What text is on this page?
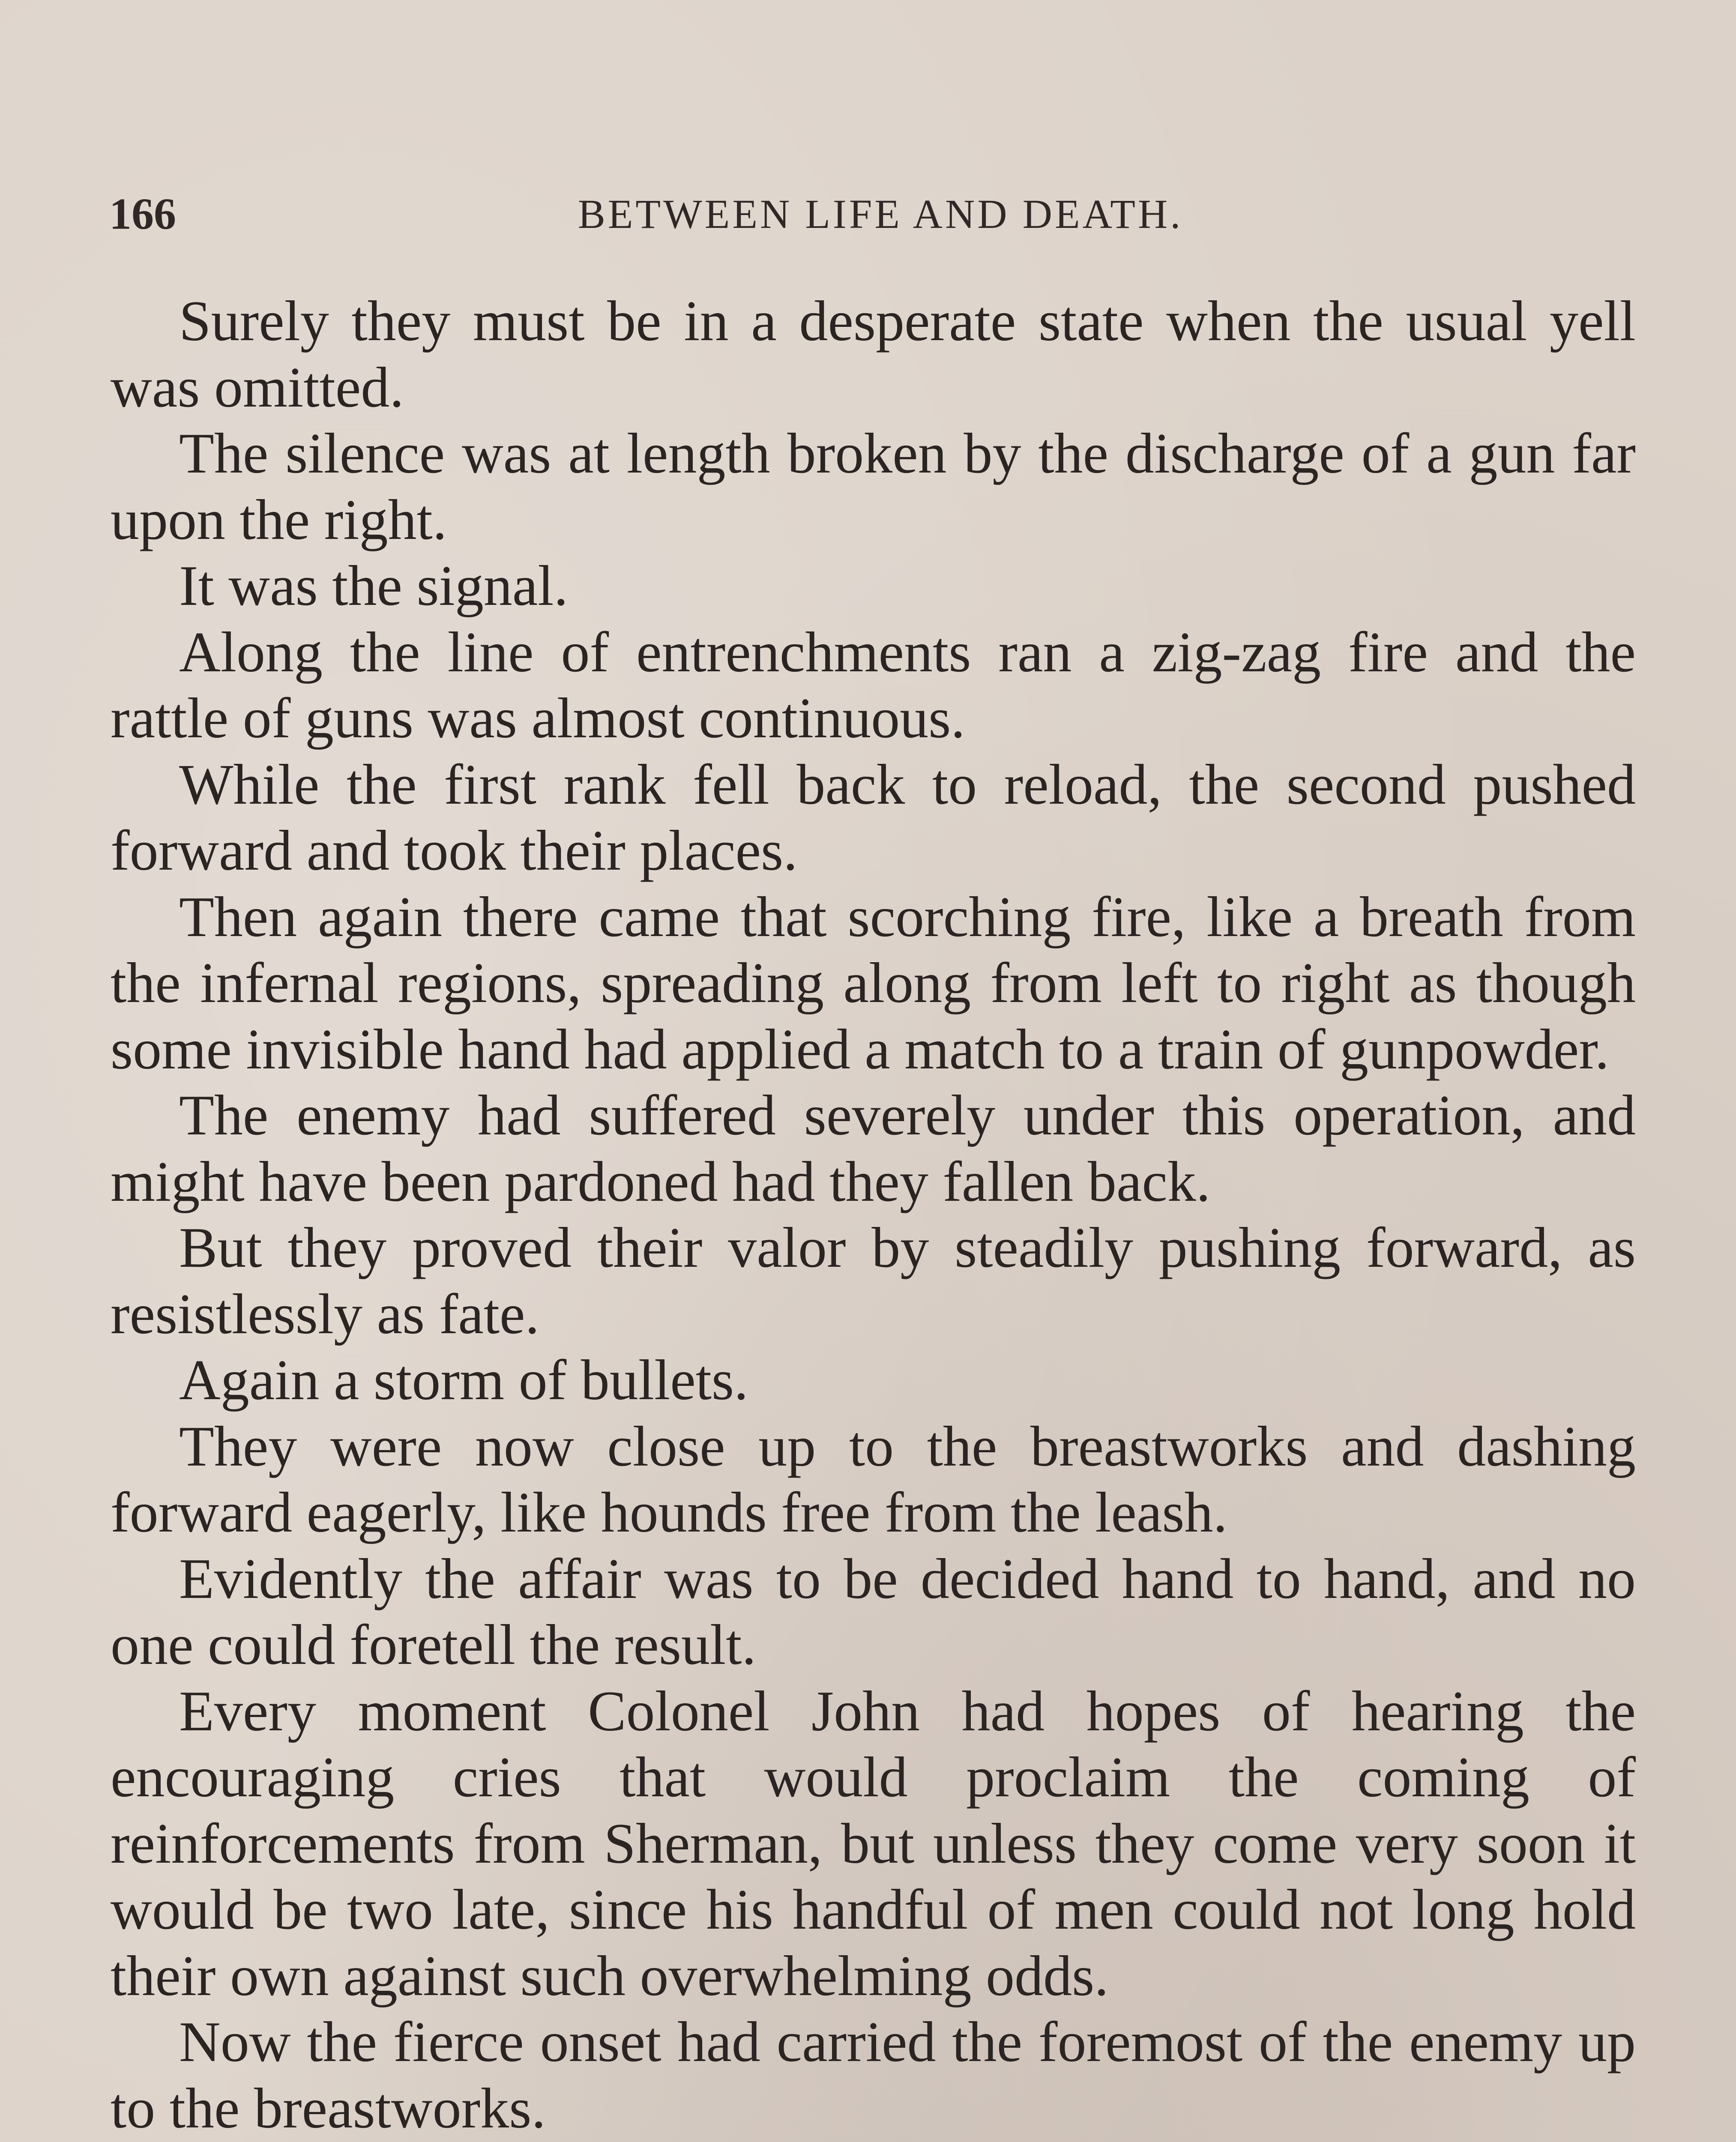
166	BETWEEN LIFE AND DEATH.

Surely they must be in a desperate state when the usual yell was omitted.

The silence was at length broken by the discharge of a gun far upon the right.

It was the signal.

Along the line of entrenchments ran a zig-zag fire and the rattle of guns was almost continuous.

While the first rank fell back to reload, the second pushed forward and took their places.

Then again there came that scorching fire, like a breath from the infernal regions, spreading along from left to right as though some invisible hand had applied a match to a train of gunpowder.

The enemy had suffered severely under this operation, and might have been pardoned had they fallen back.

But they proved their valor by steadily pushing forward, as resistlessly as fate.

Again a storm of bullets.

They were now close up to the breastworks and dashing forward eagerly, like hounds free from the leash.

Evidently the affair was to be decided hand to hand, and no one could foretell the result.

Every moment Colonel John had hopes of hearing the encouraging cries that would proclaim the coming of reinforcements from Sherman, but unless they come very soon it would be two late, since his handful of men could not long hold their own against such overwhelming odds.

Now the fierce onset had carried the foremost of the enemy up to the breastworks.
